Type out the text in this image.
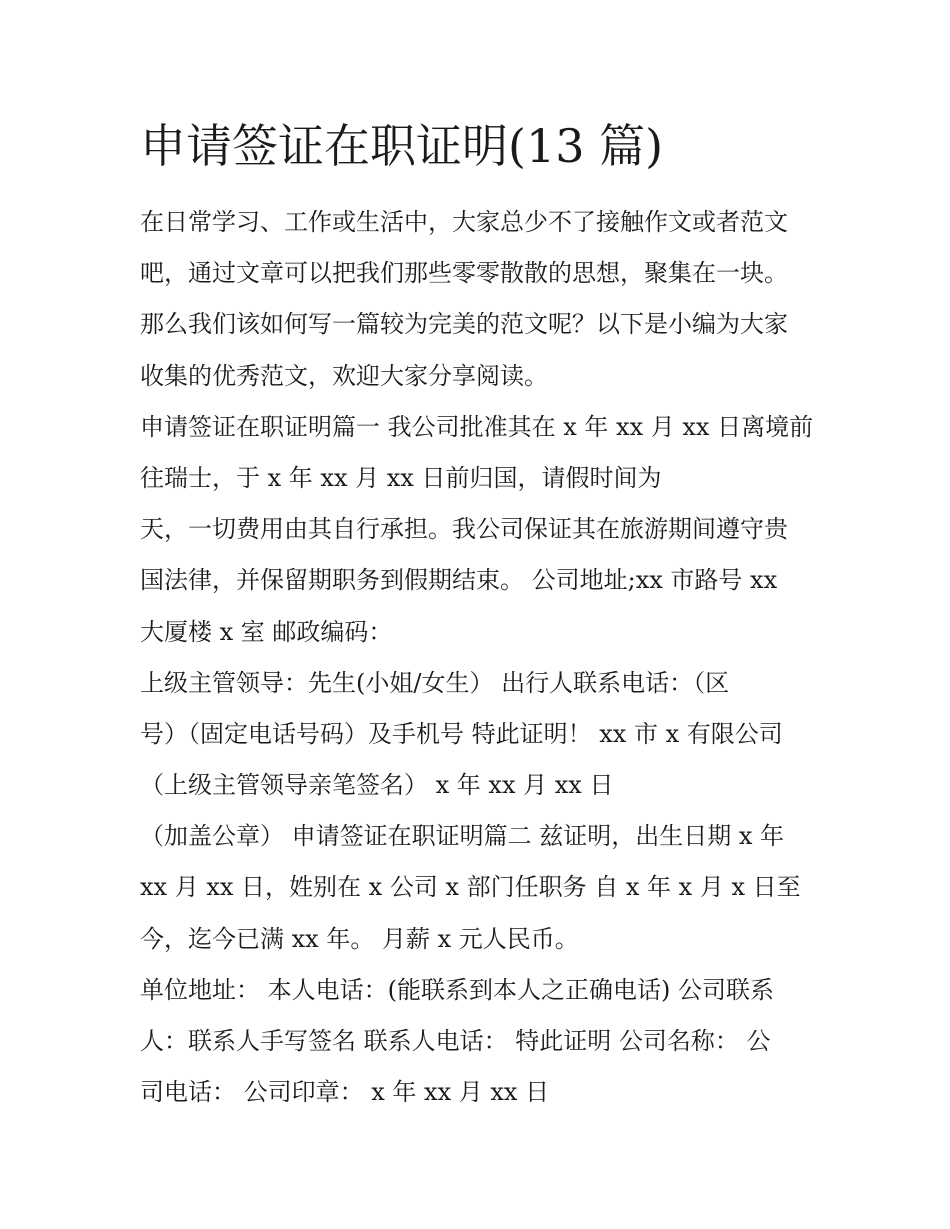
申请签证在职证明(13 篇)
在日常学习、工作或生活中，大家总少不了接触作文或者范文
吧，通过文章可以把我们那些零零散散的思想，聚集在一块。
那么我们该如何写一篇较为完美的范文呢？以下是小编为大家
收集的优秀范文，欢迎大家分享阅读。
申请签证在职证明篇一 我公司批准其在 x 年 xx 月 xx 日离境前
往瑞士，于 x 年 xx 月 xx 日前归国，请假时间为
天，一切费用由其自行承担。我公司保证其在旅游期间遵守贵
国法律，并保留期职务到假期结束。 公司地址;xx 市路号 xx
大厦楼 x 室 邮政编码：
上级主管领导：先生(小姐/女生） 出行人联系电话：（区
号）（固定电话号码）及手机号 特此证明！ xx 市 x 有限公司
（上级主管领导亲笔签名） x 年 xx 月 xx 日
（加盖公章） 申请签证在职证明篇二 兹证明，出生日期 x 年
xx 月 xx 日，姓别在 x 公司 x 部门任职务 自 x 年 x 月 x 日至
今，迄今已满 xx 年。 月薪 x 元人民币。
单位地址： 本人电话：(能联系到本人之正确电话) 公司联系
人：联系人手写签名 联系人电话： 特此证明 公司名称： 公
司电话： 公司印章： x 年 xx 月 xx 日
